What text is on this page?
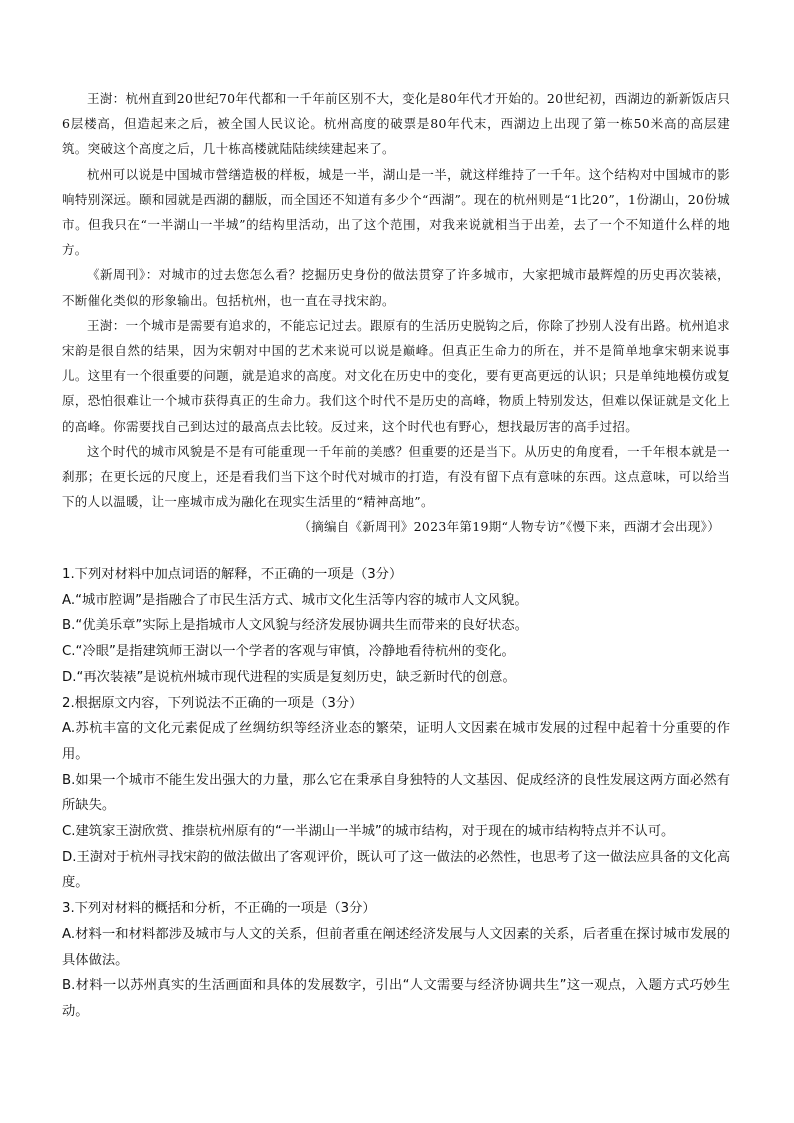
王澍：杭州直到20世纪70年代都和一千年前区别不大，变化是80年代才开始的。20世纪初，西湖边的新新饭店只6层楼高，但造起来之后，被全国人民议论。杭州高度的破票是80年代末，西湖边上出现了第一栋50米高的高层建筑。突破这个高度之后，几十栋高楼就陆陆续续建起来了。

杭州可以说是中国城市營缮造极的样板，城是一半，湖山是一半，就这样维持了一千年。这个结构对中国城市的影响特别深远。颐和园就是西湖的翻版，而全国还不知道有多少个“西湖”。现在的杭州则是“1比20”，1份湖山，20份城市。但我只在“一半湖山一半城”的结构里活动，出了这个范围，对我来说就相当于出差，去了一个不知道什么样的地方。

《新周刊》：对城市的过去您怎么看？挖掘历史身份的做法贯穿了许多城市，大家把城市最辉煌的历史再次装裱，不断催化类似的形象输出。包括杭州，也一直在寻找宋韵。

王澍：一个城市是需要有追求的，不能忘记过去。跟原有的生活历史脱钩之后，你除了抄别人没有出路。杭州追求宋韵是很自然的结果，因为宋朝对中国的艺术来说可以说是巅峰。但真正生命力的所在，并不是简单地拿宋朝来说事儿。这里有一个很重要的问题，就是追求的高度。对文化在历史中的变化，要有更高更远的认识；只是单纯地模仿或复原，恐怕很难让一个城市获得真正的生命力。我们这个时代不是历史的高峰，物质上特别发达，但难以保证就是文化上的高峰。你需要找自己到达过的最高点去比较。反过来，这个时代也有野心，想找最厉害的高手过招。

这个时代的城市风貌是不是有可能重现一千年前的美感？但重要的还是当下。从历史的角度看，一千年根本就是一刹那；在更长远的尺度上，还是看我们当下这个时代对城市的打造，有没有留下点有意味的东西。这点意味，可以给当下的人以温暖，让一座城市成为融化在现实生活里的“精神高地”。

（摘编自《新周刊》2023年第19期“人物专访”《慢下来，西湖才会出现》）

1.下列对材料中加点词语的解释，不正确的一项是（3分）

A.“城市腔调”是指融合了市民生活方式、城市文化生活等内容的城市人文风貌。

B.“优美乐章”实际上是指城市人文风貌与经济发展协调共生而带来的良好状态。

C.“冷眼”是指建筑师王澍以一个学者的客观与审慎，冷静地看待杭州的变化。

D.“再次装裱”是说杭州城市现代进程的实质是复刻历史，缺乏新时代的创意。

2.根据原文内容，下列说法不正确的一项是（3分）

A.苏杭丰富的文化元素促成了丝绸纺织等经济业态的繁荣，证明人文因素在城市发展的过程中起着十分重要的作用。

B.如果一个城市不能生发出强大的力量，那么它在秉承自身独特的人文基因、促成经济的良性发展这两方面必然有所缺失。

C.建筑家王澍欣赏、推崇杭州原有的“一半湖山一半城”的城市结构，对于现在的城市结构特点并不认可。

D.王澍对于杭州寻找宋韵的做法做出了客观评价，既认可了这一做法的必然性，也思考了这一做法应具备的文化高度。

3.下列对材料的概括和分析，不正确的一项是（3分）

A.材料一和材料都涉及城市与人文的关系，但前者重在阐述经济发展与人文因素的关系，后者重在探讨城市发展的具体做法。

B.材料一以苏州真实的生活画面和具体的发展数字，引出“人文需要与经济协调共生”这一观点，入题方式巧妙生动。
